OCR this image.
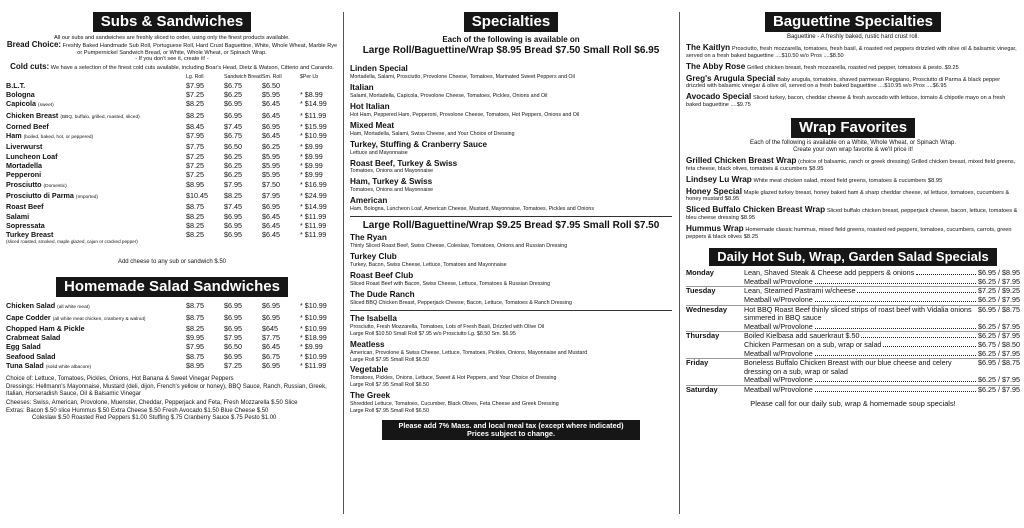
Subs & Sandwiches
All our subs and sandwiches are freshly sliced to order, using only the finest products available.
Bread Choice: Freshly Baked Handmade Sub Roll, Portuguese Roll, Hard Crust Baguettine, White, Whole Wheat, Marble Rye or Pumpernickel Sandwich Bread, or White, Whole Wheat, or Spinach Wrap.
- If you don't see it, create it! -
Cold cuts: We have a selection of the finest cold cuts available, including Boar's Head, Dietz & Watson, Citterio and Carando.
	Lg. Roll	Sandwich Bread	Sm. Roll	$Per Lb
B.L.T.	$7.95	$6.75	$6.50	
Bologna	$7.25	$6.25	$5.95	* $8.99
Capicola (sweet)	$8.25	$6.95	$6.45	* $14.99
Chicken Breast (BBQ, buffalo, grilled, roasted, sliced)	$8.25	$6.95	$6.45	* $11.99
Corned Beef	$8.45	$7.45	$6.95	* $15.99
Ham (boiled, baked, hot, or peppered)	$7.95	$6.75	$6.45	* $10.99
Liverwurst	$7.75	$6.50	$6.25	* $9.99
Luncheon Loaf	$7.25	$6.25	$5.95	* $9.99
Mortadella	$7.25	$6.25	$5.95	* $9.99
Pepperoni	$7.25	$6.25	$5.95	* $9.99
Prosciutto (Domestic)	$8.95	$7.95	$7.50	* $16.99
Prosciutto di Parma (Imported)	$10.45	$8.25	$7.95	* $24.99
Roast Beef	$8.75	$7.45	$6.95	* $14.99
Salami	$8.25	$6.95	$6.45	* $11.99
Sopressata	$8.25	$6.95	$6.45	* $11.99
Turkey Breast	$8.25	$6.95	$6.45	* $11.99
(sliced roasted, smoked, maple glazed, cajun or cracked pepper)
Add cheese to any sub or sandwich $.50
Homemade Salad Sandwiches
Chicken Salad (all white meat)	$8.75	$6.95	$6.95	* $10.99
Cape Codder (all white meat chicken, cranberry & walnut)	$8.75	$6.95	$6.95	* $10.99
Chopped Ham & Pickle	$8.25	$6.95	$645	* $10.99
Crabmeat Salad	$9.95	$7.95	$7.75	* $18.99
Egg Salad	$7.95	$6.50	$6.45	* $9.99
Seafood Salad	$8.75	$6.95	$6.75	* $10.99
Tuna Salad (solid white albacore)	$8.95	$7.25	$6.95	* $11.99
Choice of: Lettuce, Tomatoes, Pickles, Onions, Hot Banana & Sweet Vinegar Peppers
Dressings: Hellmann's Mayonnaise, Mustard (deli, dijon, French's yellow or honey), BBQ Sauce, Ranch, Russian, Greek, Italian, Horseradish Sauce, Oil & Balsamic Vinegar
Cheeses: Swiss, American, Provolone, Muenster, Cheddar, Pepperjack and Feta, Fresh Mozzarella $.50 Slice
Extras: Bacon $.50 slice Hummus $.50 Extra Cheese $.50 Fresh Avocado $1.50 Blue Cheese $.50
Coleslaw $.50 Roasted Red Peppers $1.00 Stuffing $.75 Cranberry Sauce $.75 Pesto $1.00
Specialties
Each of the following is available on
Large Roll/Baguettine/Wrap $8.95 Bread $7.50 Small Roll $6.95
Linden Special
Mortadella, Salami, Prosciutto, Provolone Cheese, Tomatoes, Marinated Sweet Peppers and Oil
Italian
Salami, Mortadella, Capicola, Provolone Cheese, Tomatoes, Pickles, Onions and Oil
Hot Italian
Hot Ham, Peppered Ham, Pepperoni, Provolone Cheese, Tomatoes, Hot Peppers, Onions and Oil
Mixed Meat
Ham, Mortadella, Salami, Swiss Cheese, and Your Choice of Dressing
Turkey, Stuffing & Cranberry Sauce
Lettuce and Mayonnaise
Roast Beef, Turkey & Swiss
Tomatoes, Onions and Mayonnaise
Ham, Turkey & Swiss
Tomatoes, Onions and Mayonnaise
American
Ham, Bologna, Luncheon Loaf, American Cheese, Mustard, Mayonnaise, Tomatoes, Pickles and Onions
Large Roll/Baguettine/Wrap $9.25 Bread $7.95 Small Roll $7.50
The Ryan
Thinly Sliced Roast Beef, Swiss Cheese, Coleslaw, Tomatoes, Onions and Russian Dressing
Turkey Club
Turkey, Bacon, Swiss Cheese, Lettuce, Tomatoes and Mayonnaise
Roast Beef Club
Sliced Roast Beef with Bacon, Swiss Cheese, Lettuce, Tomatoes & Russian Dressing
The Dude Ranch
Sliced BBQ Chicken Breast, Pepperjack Cheese, Bacon, Lettuce, Tomatoes & Ranch Dressing
The Isabella
Prosciutto, Fresh Mozzarella, Tomatoes, Lots of Fresh Basil, Drizzled with Olive Oil
Large Roll $10.50 Small Roll $7.95 w/o Prosciutto Lg. $8.50 Sm. $6.95
Meatless
American, Provolone & Swiss Cheese, Lettuce, Tomatoes, Pickles, Onions, Mayonnaise and Mustard
Large Roll $7.95 Small Roll $6.50
Vegetable
Tomatoes, Pickles, Onions, Lettuce, Sweet & Hot Peppers, and Your Choice of Dressing
Large Roll $7.95 Small Roll $6.50
The Greek
Shredded Lettuce, Tomatoes, Cucumber, Black Olives, Feta Cheese and Greek Dressing
Large Roll $7.95 Small Roll $6.50
Please add 7% Mass. and local meal tax (except where indicated)
Prices subject to change.
Baguettine Specialties
Baguettine - A freshly baked, rustic hard crust roll.
The Kaitlyn Prosciutto, fresh mozzarella, tomatoes, fresh basil, & roasted red peppers drizzled with olive oil & balsamic vinegar, served on a fresh baked baguettine ....$10.50 w/o Pros ....$8.50
The Abby Rose Grilled chicken breast, fresh mozzarella, roasted red pepper, tomatoes & pesto..$9.25
Greg's Arugula Special Baby arugula, tomatoes, shaved parmesan Reggiano, Prosciutto di Parma & black pepper drizzled with balsamic vinegar & olive oil, served on a fresh baked baguettine ....$10.95 w/o Pros ....$6.95
Avocado Special Sliced turkey, bacon, cheddar cheese & fresh avocado with lettuce, tomato & chipotle mayo on a fresh baked baguettine ....$9.75
Wrap Favorites
Each of the following is available on a White, Whole Wheat, or Spinach Wrap.
Create your own wrap favorite & we'll price it!
Grilled Chicken Breast Wrap (choice of balsamic, ranch or greek dressing) Grilled chicken breast, mixed field greens, feta cheese, black olives, tomatoes & cucumbers $8.95
Lindsey Lu Wrap White meat chicken salad, mixed field greens, tomatoes & cucumbers $8.95
Honey Special Maple glazed turkey breast, honey baked ham & sharp cheddar cheese, w/ lettuce, tomatoes, cucumbers & honey mustard $8.95
Sliced Buffalo Chicken Breast Wrap Sliced buffalo chicken breast, pepperjack cheese, bacon, lettuce, tomatoes & bleu cheese dressing $8.95
Hummus Wrap Homemade classic hummus, mixed field greens, roasted red peppers, tomatoes, cucumbers, carrots, green peppers & black olives $8.25
Daily Hot Sub, Wrap, Garden Salad Specials
Monday	Lean, Shaved Steak & Cheese add peppers & onions $6.95 / $8.95

	Meatball w/Provolone $6.25 / $7.95

Tuesday	Lean, Steamed Pastrami w/cheese $7.25 / $9.25

	Meatball w/Provolone $6.25 / $7.95

Wednesday	Hot BBQ Roast Beef thinly sliced strips of roast beef with Vidalia onions simmered in BBQ sauce
$6.95 / $8.75

	Meatball w/Provolone $6.25 / $7.95

Thursday	Boiled Kielbasa add sauerkraut $.50 $6.25 / $7.95

	Chicken Parmesan on a sub, wrap or salad $6.75 / $8.50

	Meatball w/Provolone $6.25 / $7.95

Friday	Boneless Buffalo Chicken Breast with our blue cheese and celery dressing on a sub, wrap or salad
$6.95 / $8.75

	Meatball w/Provolone $6.25 / $7.95

Saturday	Meatball w/Provolone $6.25 / $7.95
Please call for our daily sub, wrap & homemade soup specials!
